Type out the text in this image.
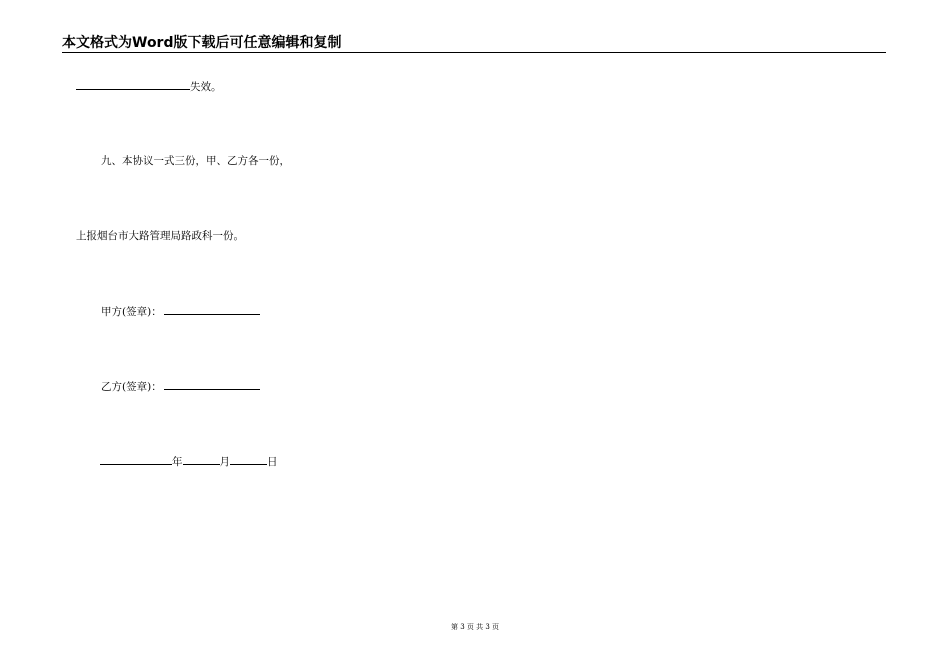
本文格式为Word版下载后可任意编辑和复制
失效。
九、本协议一式三份，甲、乙方各一份，
上报烟台市大路管理局路政科一份。
甲方(签章)：
乙方(签章)：
年	月	日
第 3 页 共 3 页
